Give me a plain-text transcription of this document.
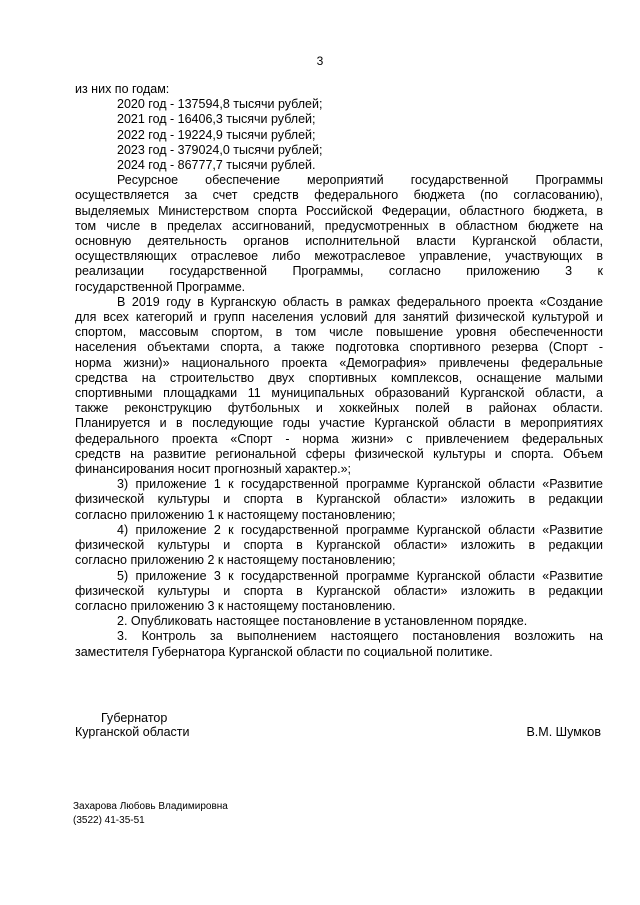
3
из них по годам:
2020 год - 137594,8 тысячи рублей;
2021 год - 16406,3 тысячи рублей;
2022 год - 19224,9 тысячи рублей;
2023 год - 379024,0 тысячи рублей;
2024 год - 86777,7 тысячи рублей.
Ресурсное обеспечение мероприятий государственной Программы
осуществляется за счет средств федерального бюджета (по согласованию),
выделяемых Министерством спорта Российской Федерации, областного бюджета, в
том числе в пределах ассигнований, предусмотренных в областном бюджете на
основную деятельность органов исполнительной власти Курганской области,
осуществляющих отраслевое либо межотраслевое управление, участвующих в
реализации государственной Программы, согласно приложению 3 к
государственной Программе.
В 2019 году в Курганскую область в рамках федерального проекта «Создание
для всех категорий и групп населения условий для занятий физической культурой и
спортом, массовым спортом, в том числе повышение уровня обеспеченности
населения объектами спорта, а также подготовка спортивного резерва (Спорт -
норма жизни)» национального проекта «Демография» привлечены федеральные
средства на строительство двух спортивных комплексов, оснащение малыми
спортивными площадками 11 муниципальных образований Курганской области, а
также реконструкцию футбольных и хоккейных полей в районах области.
Планируется и в последующие годы участие Курганской области в мероприятиях
федерального проекта «Спорт - норма жизни» с привлечением федеральных
средств на развитие региональной сферы физической культуры и спорта. Объем
финансирования носит прогнозный характер.»;
3) приложение 1 к государственной программе Курганской области «Развитие
физической культуры и спорта в Курганской области» изложить в редакции
согласно приложению 1 к настоящему постановлению;
4) приложение 2 к государственной программе Курганской области «Развитие
физической культуры и спорта в Курганской области» изложить в редакции
согласно приложению 2 к настоящему постановлению;
5) приложение 3 к государственной программе Курганской области «Развитие
физической культуры и спорта в Курганской области» изложить в редакции
согласно приложению 3 к настоящему постановлению.
2. Опубликовать настоящее постановление в установленном порядке.
3. Контроль за выполнением настоящего постановления возложить на
заместителя Губернатора Курганской области по социальной политике.
Губернатор
Курганской области	В.М. Шумков
Захарова Любовь Владимировна
(3522) 41-35-51
